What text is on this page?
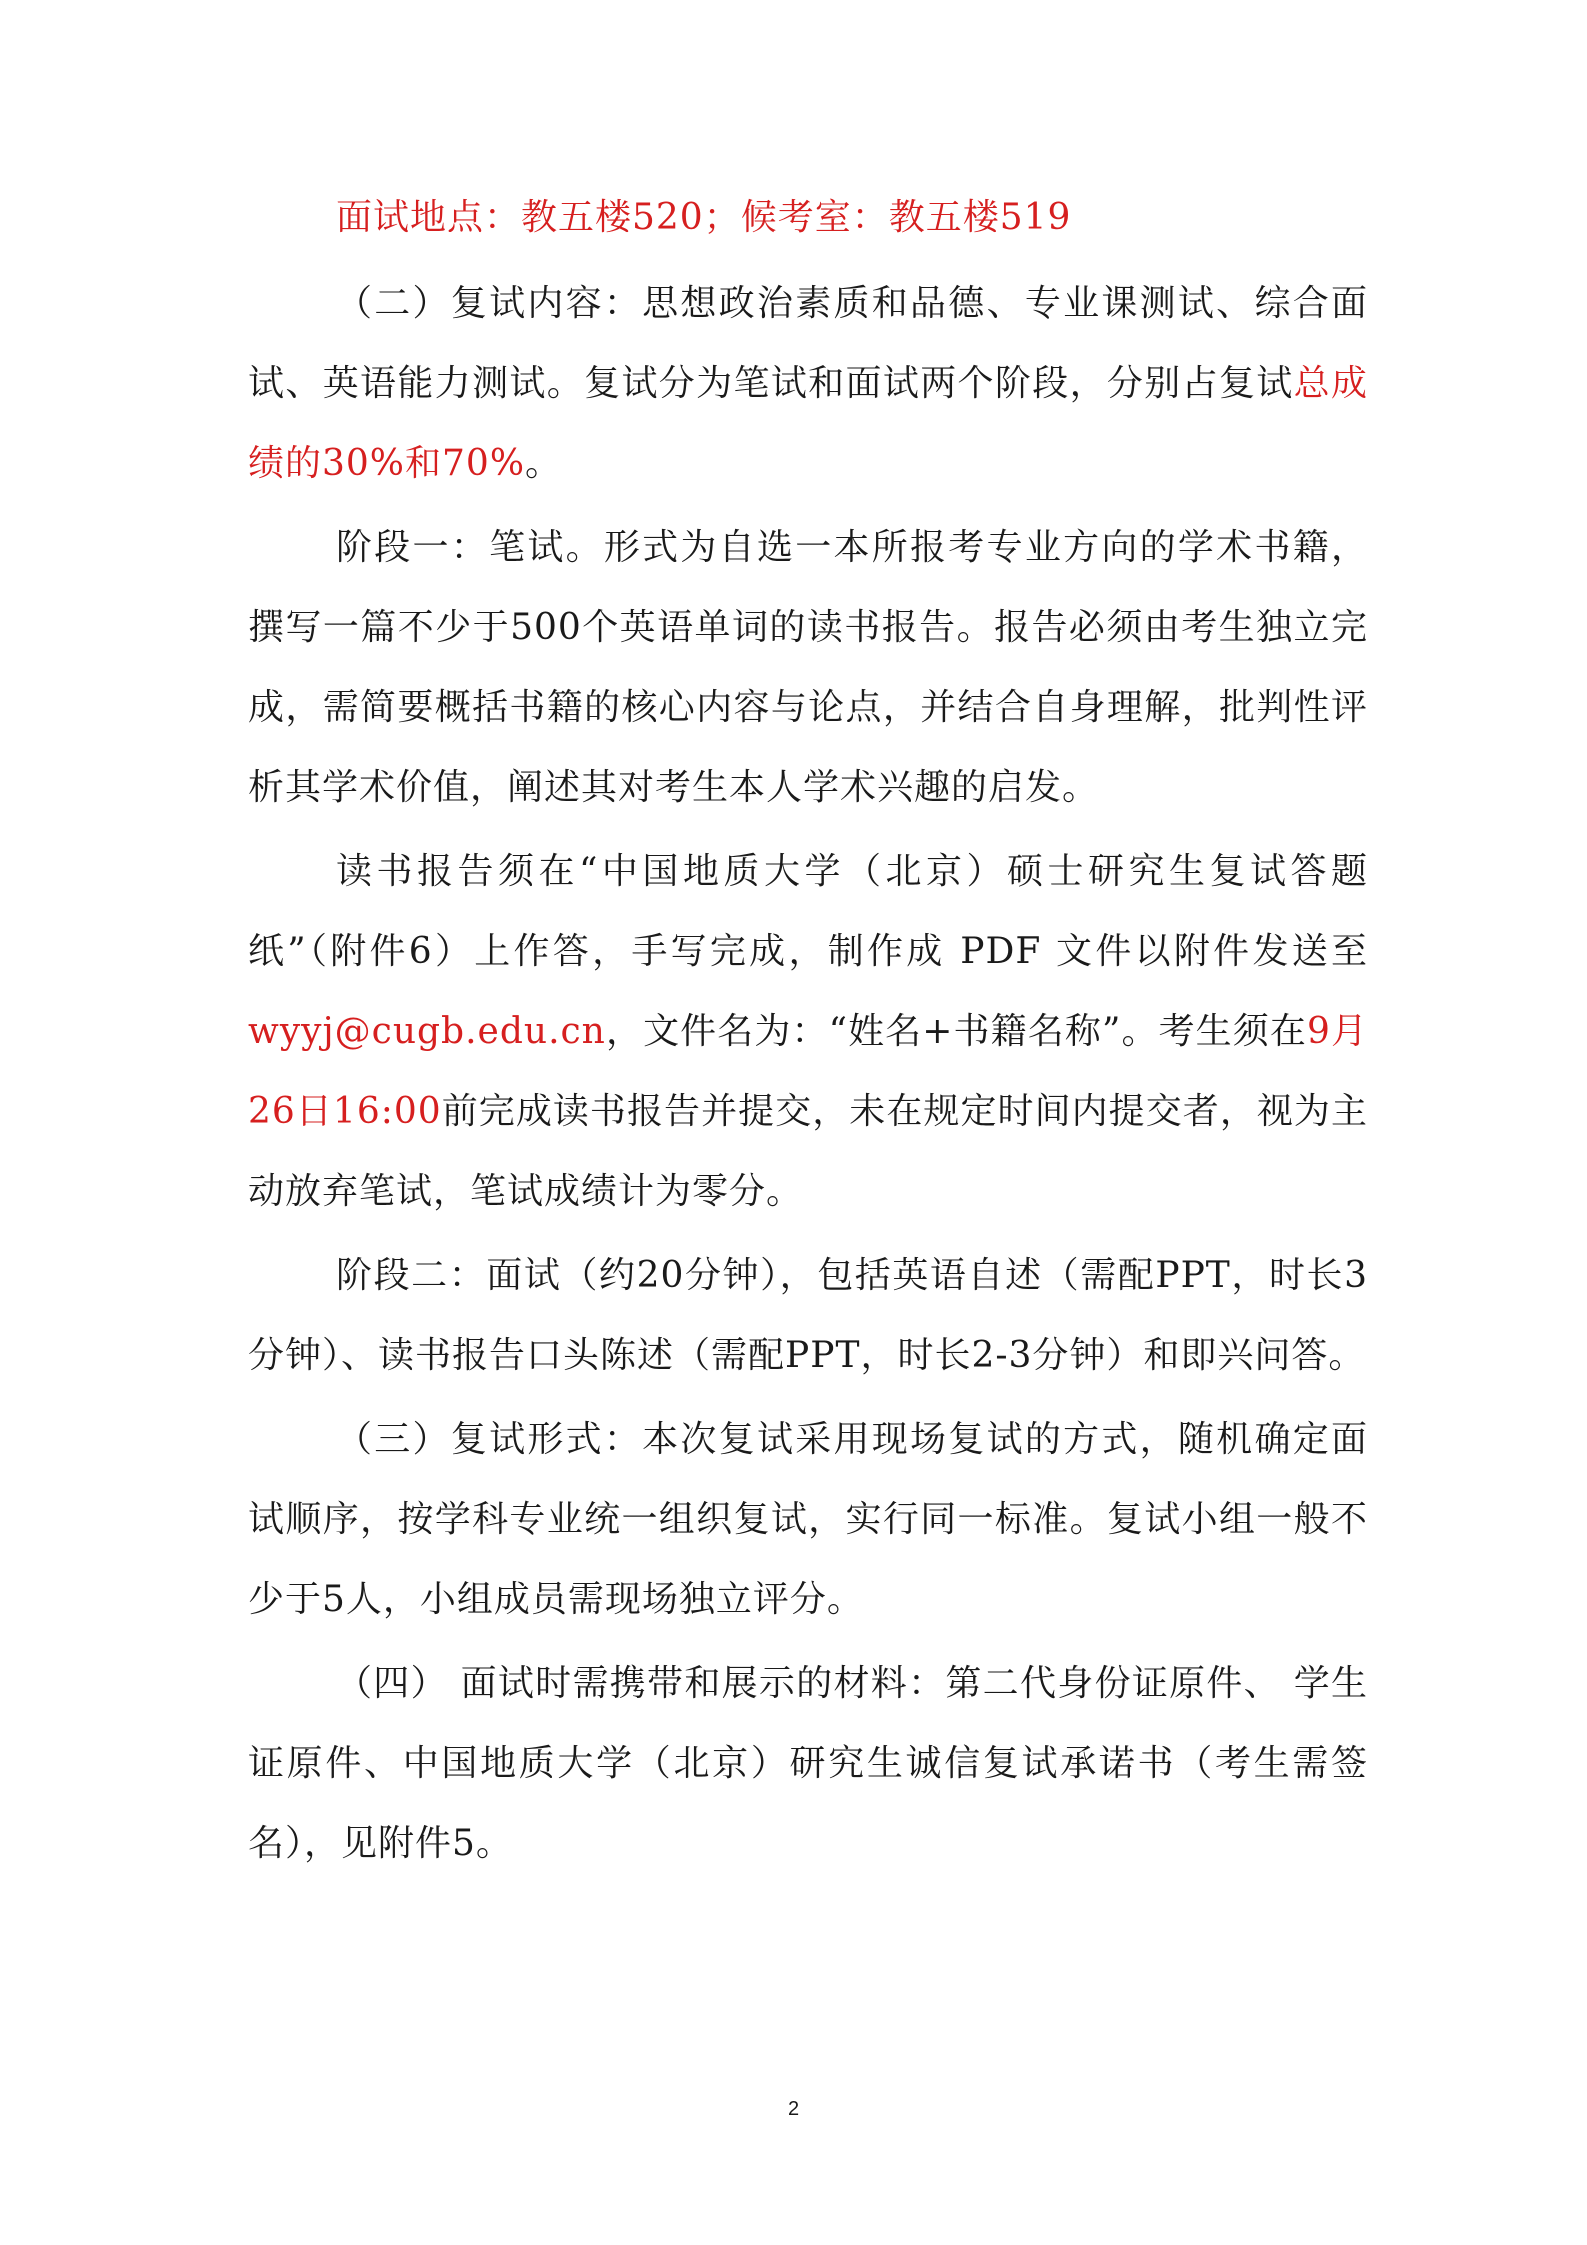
面试地点：教五楼520；候考室：教五楼519

（二）复试内容：思想政治素质和品德、专业课测试、综合面试、英语能力测试。复试分为笔试和面试两个阶段，分别占复试总成绩的30%和70%。

阶段一：笔试。形式为自选一本所报考专业方向的学术书籍，撰写一篇不少于500个英语单词的读书报告。报告必须由考生独立完成，需简要概括书籍的核心内容与论点，并结合自身理解，批判性评析其学术价值，阐述其对考生本人学术兴趣的启发。

读书报告须在“中国地质大学（北京）硕士研究生复试答题纸”（附件6）上作答，手写完成，制作成 PDF 文件以附件发送至wyyj@cugb.edu.cn，文件名为：“姓名+书籍名称”。考生须在9月26日16:00前完成读书报告并提交，未在规定时间内提交者，视为主动放弃笔试，笔试成绩计为零分。

阶段二：面试（约20分钟），包括英语自述（需配PPT，时长3分钟）、读书报告口头陈述（需配PPT，时长2-3分钟）和即兴问答。

（三）复试形式：本次复试采用现场复试的方式，随机确定面试顺序，按学科专业统一组织复试，实行同一标准。复试小组一般不少于5人，小组成员需现场独立评分。

（四） 面试时需携带和展示的材料：第二代身份证原件、 学生证原件、中国地质大学（北京）研究生诚信复试承诺书（考生需签名），见附件5。

2
